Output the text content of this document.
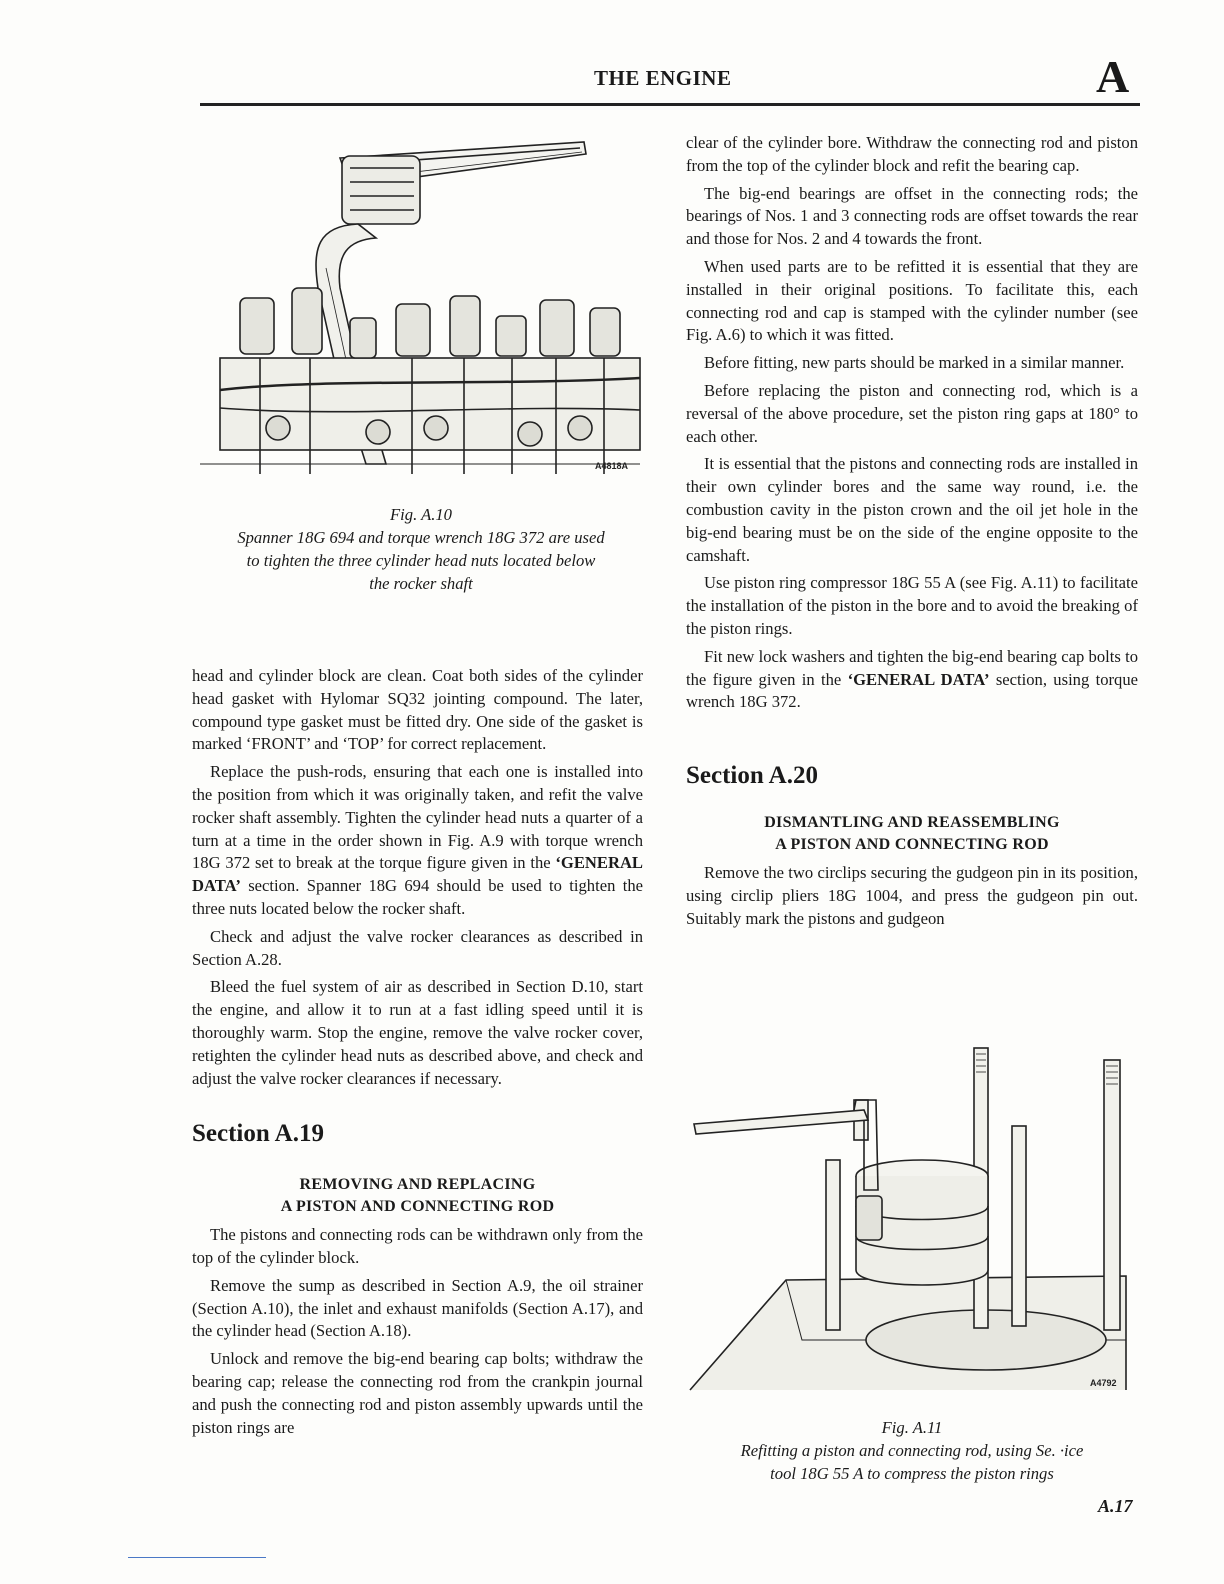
THE ENGINE	A
A4818A
Fig. A.10
Spanner 18G 694 and torque wrench 18G 372 are used
to tighten the three cylinder head nuts located below
the rocker shaft

head and cylinder block are clean. Coat both sides of the cylinder head gasket with Hylomar SQ32 jointing compound. The later, compound type gasket must be fitted dry. One side of the gasket is marked ‘FRONT’ and ‘TOP’ for correct replacement.

Replace the push-rods, ensuring that each one is installed into the position from which it was originally taken, and refit the valve rocker shaft assembly. Tighten the cylinder head nuts a quarter of a turn at a time in the order shown in Fig. A.9 with torque wrench 18G 372 set to break at the torque figure given in the ‘GENERAL DATA’ section. Spanner 18G 694 should be used to tighten the three nuts located below the rocker shaft.

Check and adjust the valve rocker clearances as described in Section A.28.

Bleed the fuel system of air as described in Section D.10, start the engine, and allow it to run at a fast idling speed until it is thoroughly warm. Stop the engine, remove the valve rocker cover, retighten the cylinder head nuts as described above, and check and adjust the valve rocker clearances if necessary.

Section A.19
REMOVING AND REPLACING
A PISTON AND CONNECTING ROD

The pistons and connecting rods can be withdrawn only from the top of the cylinder block.

Remove the sump as described in Section A.9, the oil strainer (Section A.10), the inlet and exhaust manifolds (Section A.17), and the cylinder head (Section A.18).

Unlock and remove the big-end bearing cap bolts; withdraw the bearing cap; release the connecting rod from the crankpin journal and push the connecting rod and piston assembly upwards until the piston rings are

clear of the cylinder bore. Withdraw the connecting rod and piston from the top of the cylinder block and refit the bearing cap.

The big-end bearings are offset in the connecting rods; the bearings of Nos. 1 and 3 connecting rods are offset towards the rear and those for Nos. 2 and 4 towards the front.

When used parts are to be refitted it is essential that they are installed in their original positions. To facilitate this, each connecting rod and cap is stamped with the cylinder number (see Fig. A.6) to which it was fitted.

Before fitting, new parts should be marked in a similar manner.

Before replacing the piston and connecting rod, which is a reversal of the above procedure, set the piston ring gaps at 180° to each other.

It is essential that the pistons and connecting rods are installed in their own cylinder bores and the same way round, i.e. the combustion cavity in the piston crown and the oil jet hole in the big-end bearing must be on the side of the engine opposite to the camshaft.

Use piston ring compressor 18G 55 A (see Fig. A.11) to facilitate the installation of the piston in the bore and to avoid the breaking of the piston rings.

Fit new lock washers and tighten the big-end bearing cap bolts to the figure given in the ‘GENERAL DATA’ section, using torque wrench 18G 372.

Section A.20
DISMANTLING AND REASSEMBLING
A PISTON AND CONNECTING ROD

Remove the two circlips securing the gudgeon pin in its position, using circlip pliers 18G 1004, and press the gudgeon pin out. Suitably mark the pistons and gudgeon

A4792
Fig. A.11
Refitting a piston and connecting rod, using Se. ·ice
tool 18G 55 A to compress the piston rings
A.17
